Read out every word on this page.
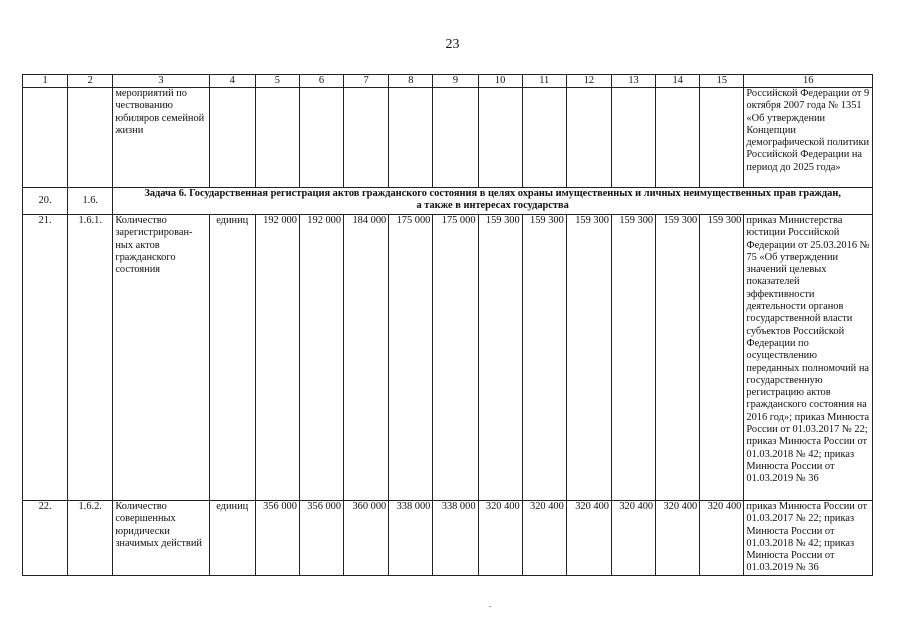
23
1	2	3	4	5	6	7	8	9	10	11	12	13	14	15	16
		мероприятий по чествованию юбиляров семейной жизни													Российской Федерации от 9 октября 2007 года № 1351 «Об утверждении Концепции демографической политики Российской Федерации на период до 2025 года»
20.	1.6.	Задача 6. Государственная регистрация актов гражданского состояния в целях охраны имущественных и личных неимущественных прав граждан,
а также в интересах государства													

21.	1.6.1.	Количество зарегистрирован-ных актов гражданского состояния	единиц	192 000	192 000	184 000	175 000	175 000	159 300	159 300	159 300	159 300	159 300	159 300	приказ Министерства юстиции Российской Федерации от 25.03.2016 № 75 «Об утверждении значений целевых показателей эффективности деятельности органов государственной власти субъектов Российской Федерации по осуществлению переданных полномочий на государственную регистрацию актов гражданского состояния на 2016 год»; приказ Минюста России от 01.03.2017 № 22; приказ Минюста России от 01.03.2018 № 42; приказ Минюста России от 01.03.2019 № 36
22.	1.6.2.	Количество совершенных юридически значимых действий	единиц	356 000	356 000	360 000	338 000	338 000	320 400	320 400	320 400	320 400	320 400	320 400	приказ Минюста России от 01.03.2017 № 22; приказ Минюста России от 01.03.2018 № 42; приказ Минюста России от 01.03.2019 № 36
